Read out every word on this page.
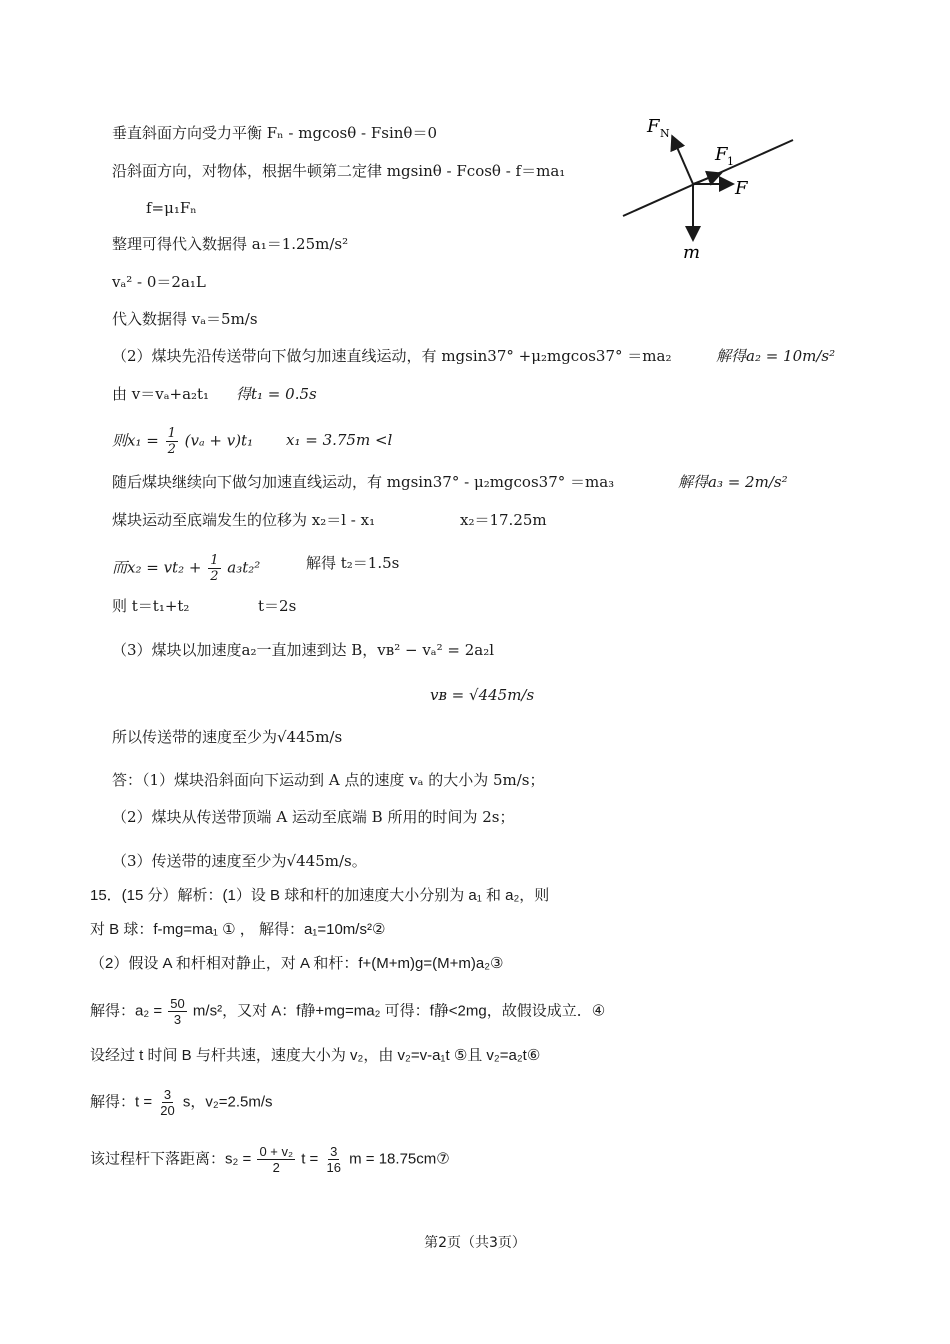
F N
F 1
F
m
垂直斜面方向受力平衡 Fₙ - mgcosθ - Fsinθ＝0
沿斜面方向，对物体，根据牛顿第二定律 mgsinθ - Fcosθ - f＝ma₁
f=μ₁Fₙ
整理可得代入数据得 a₁＝1.25m/s²
vₐ² - 0＝2a₁L
代入数据得 vₐ＝5m/s
（2）煤块先沿传送带向下做匀加速直线运动，有 mgsin37° +μ₂mgcos37° ＝ma₂	解得a₂ = 10m/s²
由 v＝vₐ+a₂t₁ 得t₁ = 0.5s
则$x_1 = \frac{1}{2} (v_a + v)t_1$ x₁ = 3.75m <l
随后煤块继续向下做匀加速直线运动，有 mgsin37° - μ₂mgcos37° ＝ma₃	解得a₃ = 2m/s²
煤块运动至底端发生的位移为 x₂＝l - x₁	x₂＝17.25m
而$x_2 = vt_2 + \frac{1}{2} a_3t_2^2$	解得 t₂＝1.5s
则 t＝t₁+t₂	t＝2s
（3）煤块以加速度a₂一直加速到达 B，vʙ² − vₐ² = 2a₂l
vʙ = √445m/s
所以传送带的速度至少为√445m/s
答：（1）煤块沿斜面向下运动到 A 点的速度 vₐ 的大小为 5m/s；
（2）煤块从传送带顶端 A 运动至底端 B 所用的时间为 2s；
（3）传送带的速度至少为√445m/s。
15．(15 分）解析：(1）设 B 球和杆的加速度大小分别为 a₁ 和 a₂，则
对 B 球：f-mg=ma₁ ① ， 解得：a₁=10m/s²②
（2）假设 A 和杆相对静止，对 A 和杆：f+(M+m)g=(M+m)a₂③
解得：$a_2 = \frac{50}{3} m/s^2$，又对 A：f静+mg=ma₂ 可得：f静<2mg，故假设成立．④
设经过 t 时间 B 与杆共速，速度大小为 v₂，由 v₂=v-a₁t ⑤且 v₂=a₂t⑥
解得：$t = \frac{3}{20}$ s，v₂=2.5m/s
该过程杆下落距离：$s_2 = \frac{\text{0 + v₂}}{2}$ $t = \frac{3}{16}$ m = 18.75cm⑦
第2页（共3页）
